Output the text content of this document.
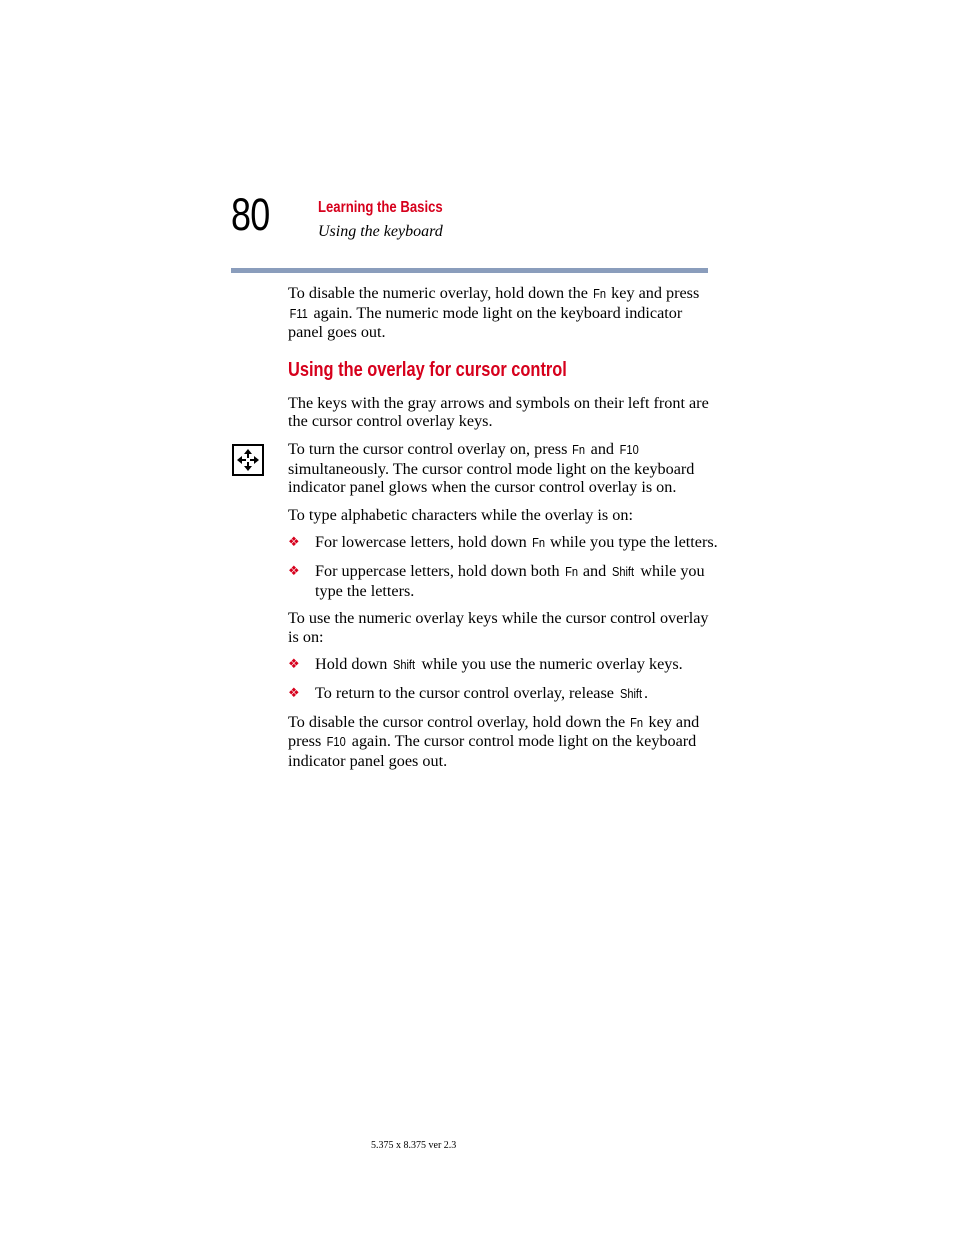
80	Learning the Basics
Using the keyboard

To disable the numeric overlay, hold down the Fn key and press F11 again. The numeric mode light on the keyboard indicator panel goes out.

Using the overlay for cursor control

The keys with the gray arrows and symbols on their left front are the cursor control overlay keys.

To turn the cursor control overlay on, press Fn and F10 simultaneously. The cursor control mode light on the keyboard indicator panel glows when the cursor control overlay is on.

To type alphabetic characters while the overlay is on:

❖ For lowercase letters, hold down Fn while you type the letters.
❖ For uppercase letters, hold down both Fn and Shift while you type the letters.

To use the numeric overlay keys while the cursor control overlay is on:

❖ Hold down Shift while you use the numeric overlay keys.
❖ To return to the cursor control overlay, release Shift .

To disable the cursor control overlay, hold down the Fn key and press F10 again. The cursor control mode light on the keyboard indicator panel goes out.

5.375 x 8.375 ver 2.3
